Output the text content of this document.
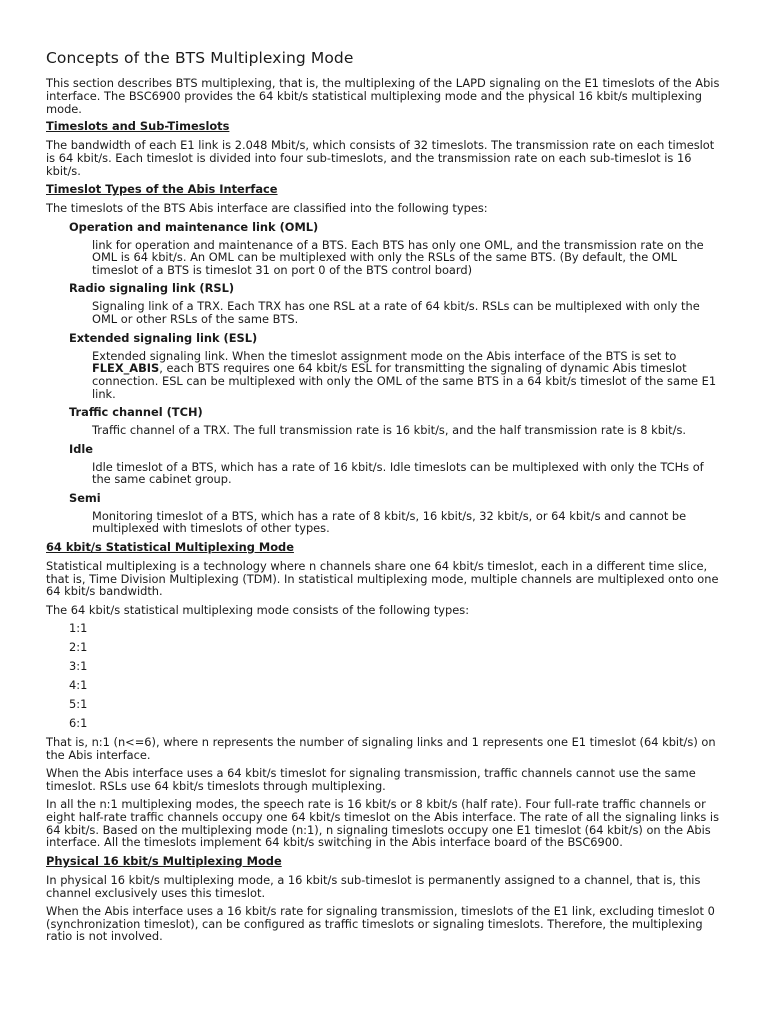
Concepts of the BTS Multiplexing Mode

This section describes BTS multiplexing, that is, the multiplexing of the LAPD signaling on the E1 timeslots of the Abis interface. The BSC6900 provides the 64 kbit/s statistical multiplexing mode and the physical 16 kbit/s multiplexing mode.

Timeslots and Sub-Timeslots

The bandwidth of each E1 link is 2.048 Mbit/s, which consists of 32 timeslots. The transmission rate on each timeslot is 64 kbit/s. Each timeslot is divided into four sub-timeslots, and the transmission rate on each sub-timeslot is 16 kbit/s.

Timeslot Types of the Abis Interface

The timeslots of the BTS Abis interface are classified into the following types:

Operation and maintenance link (OML)

link for operation and maintenance of a BTS. Each BTS has only one OML, and the transmission rate on the OML is 64 kbit/s. An OML can be multiplexed with only the RSLs of the same BTS. (By default, the OML timeslot of a BTS is timeslot 31 on port 0 of the BTS control board)

Radio signaling link (RSL)

Signaling link of a TRX. Each TRX has one RSL at a rate of 64 kbit/s. RSLs can be multiplexed with only the OML or other RSLs of the same BTS.

Extended signaling link (ESL)

Extended signaling link. When the timeslot assignment mode on the Abis interface of the BTS is set to FLEX_ABIS, each BTS requires one 64 kbit/s ESL for transmitting the signaling of dynamic Abis timeslot connection. ESL can be multiplexed with only the OML of the same BTS in a 64 kbit/s timeslot of the same E1 link.

Traffic channel (TCH)

Traffic channel of a TRX. The full transmission rate is 16 kbit/s, and the half transmission rate is 8 kbit/s.

Idle

Idle timeslot of a BTS, which has a rate of 16 kbit/s. Idle timeslots can be multiplexed with only the TCHs of the same cabinet group.

Semi

Monitoring timeslot of a BTS, which has a rate of 8 kbit/s, 16 kbit/s, 32 kbit/s, or 64 kbit/s and cannot be multiplexed with timeslots of other types.

64 kbit/s Statistical Multiplexing Mode

Statistical multiplexing is a technology where n channels share one 64 kbit/s timeslot, each in a different time slice, that is, Time Division Multiplexing (TDM). In statistical multiplexing mode, multiple channels are multiplexed onto one 64 kbit/s bandwidth.

The 64 kbit/s statistical multiplexing mode consists of the following types:

1:1

2:1

3:1

4:1

5:1

6:1

That is, n:1 (n<=6), where n represents the number of signaling links and 1 represents one E1 timeslot (64 kbit/s) on the Abis interface.

When the Abis interface uses a 64 kbit/s timeslot for signaling transmission, traffic channels cannot use the same timeslot. RSLs use 64 kbit/s timeslots through multiplexing.

In all the n:1 multiplexing modes, the speech rate is 16 kbit/s or 8 kbit/s (half rate). Four full-rate traffic channels or eight half-rate traffic channels occupy one 64 kbit/s timeslot on the Abis interface. The rate of all the signaling links is 64 kbit/s. Based on the multiplexing mode (n:1), n signaling timeslots occupy one E1 timeslot (64 kbit/s) on the Abis interface. All the timeslots implement 64 kbit/s switching in the Abis interface board of the BSC6900.

Physical 16 kbit/s Multiplexing Mode

In physical 16 kbit/s multiplexing mode, a 16 kbit/s sub-timeslot is permanently assigned to a channel, that is, this channel exclusively uses this timeslot.

When the Abis interface uses a 16 kbit/s rate for signaling transmission, timeslots of the E1 link, excluding timeslot 0 (synchronization timeslot), can be configured as traffic timeslots or signaling timeslots. Therefore, the multiplexing ratio is not involved.
